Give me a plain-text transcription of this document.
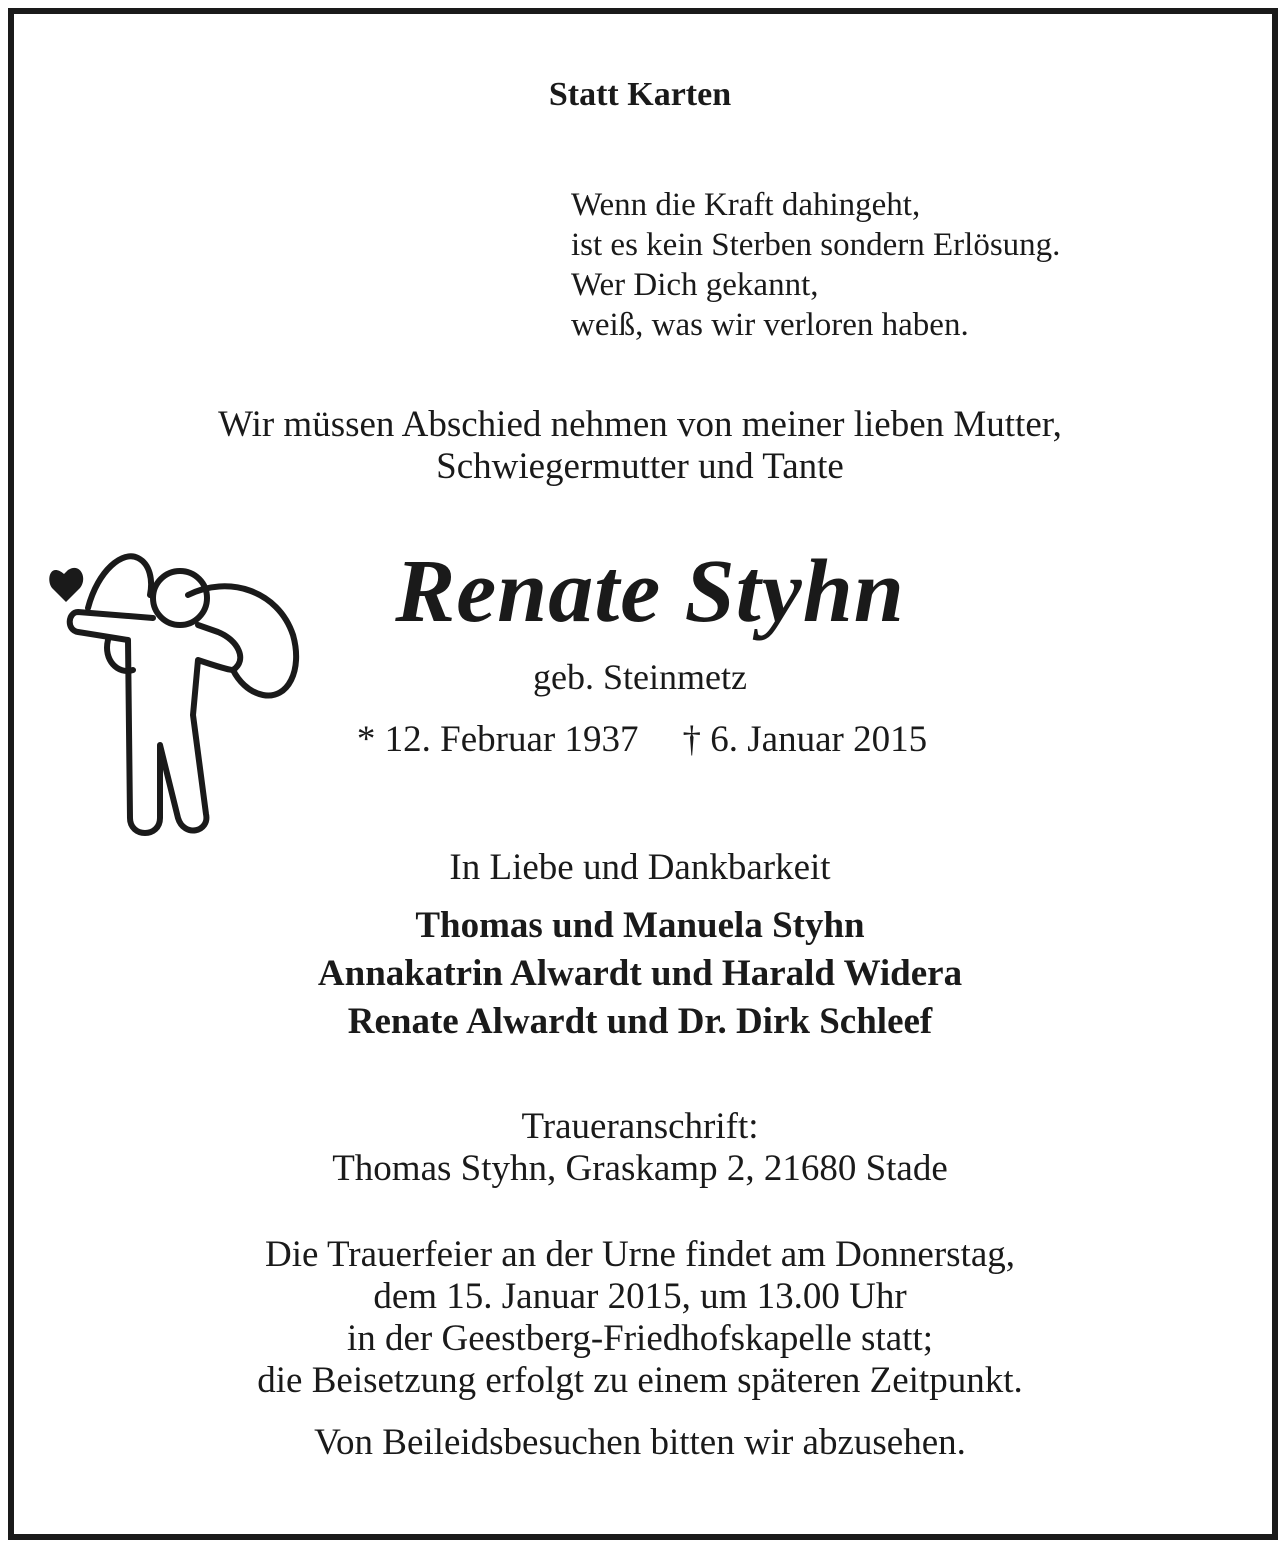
Statt Karten

Wenn die Kraft dahingeht,
ist es kein Sterben sondern Erlösung.
Wer Dich gekannt,
weiß, was wir verloren haben.
Wir müssen Abschied nehmen von meiner lieben Mutter,
Schwiegermutter und Tante

Renate Styhn

geb. Steinmetz

* 12. Februar 1937 † 6. Januar 2015

In Liebe und Dankbarkeit

Thomas und Manuela Styhn
Annakatrin Alwardt und Harald Widera
Renate Alwardt und Dr. Dirk Schleef
Traueranschrift:
Thomas Styhn, Graskamp 2, 21680 Stade
Die Trauerfeier an der Urne findet am Donnerstag,
dem 15. Januar 2015, um 13.00 Uhr
in der Geestberg-Friedhofskapelle statt;
die Beisetzung erfolgt zu einem späteren Zeitpunkt.

Von Beileidsbesuchen bitten wir abzusehen.
